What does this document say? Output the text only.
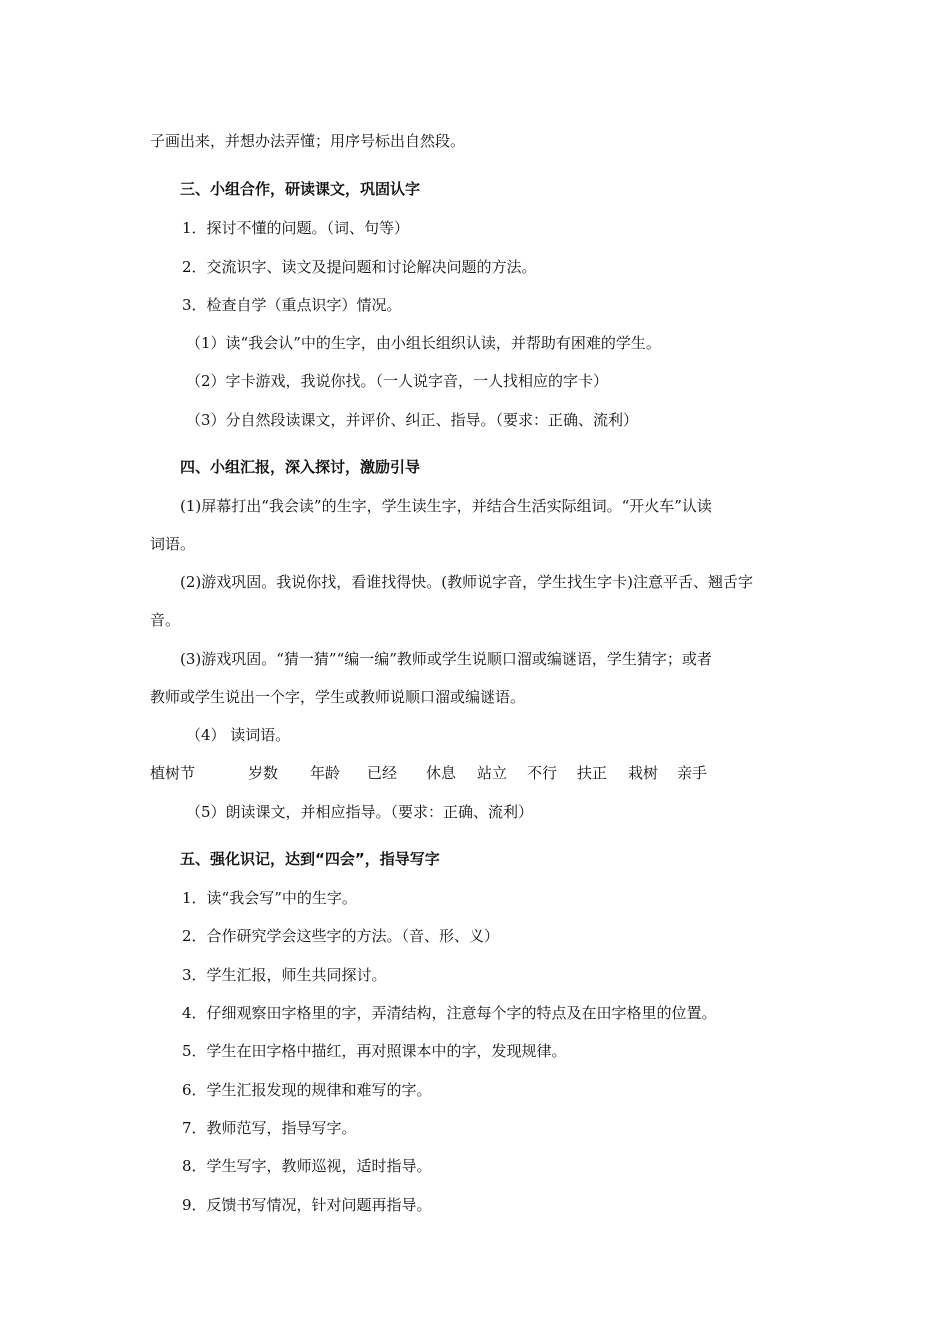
子画出来，并想办法弄懂；用序号标出自然段。
三、小组合作，研读课文，巩固认字
1．探讨不懂的问题。（词、句等）
2．交流识字、读文及提问题和讨论解决问题的方法。
3．检查自学（重点识字）情况。
（1）读“我会认”中的生字，由小组长组织认读，并帮助有困难的学生。
（2）字卡游戏，我说你找。（一人说字音，一人找相应的字卡）
（3）分自然段读课文，并评价、纠正、指导。（要求：正确、流利）
四、小组汇报，深入探讨，激励引导
(1)屏幕打出“我会读”的生字，学生读生字，并结合生活实际组词。“开火车”认读
词语。
(2)游戏巩固。我说你找，看谁找得快。(教师说字音，学生找生字卡)注意平舌、翘舌字
音。
(3)游戏巩固。“猜一猜”“编一编”教师或学生说顺口溜或编谜语，学生猜字；或者
教师或学生说出一个字，学生或教师说顺口溜或编谜语。
（4） 读词语。
植树节	岁数 年龄 已经 休息 站立 不行 扶正 栽树 亲手
（5）朗读课文，并相应指导。（要求：正确、流利）
五、强化识记，达到“四会”，指导写字
1．读“我会写”中的生字。
2．合作研究学会这些字的方法。（音、形、义）
3．学生汇报，师生共同探讨。
4．仔细观察田字格里的字，弄清结构，注意每个字的特点及在田字格里的位置。
5．学生在田字格中描红，再对照课本中的字，发现规律。
6．学生汇报发现的规律和难写的字。
7．教师范写，指导写字。
8．学生写字，教师巡视，适时指导。
9．反馈书写情况，针对问题再指导。
